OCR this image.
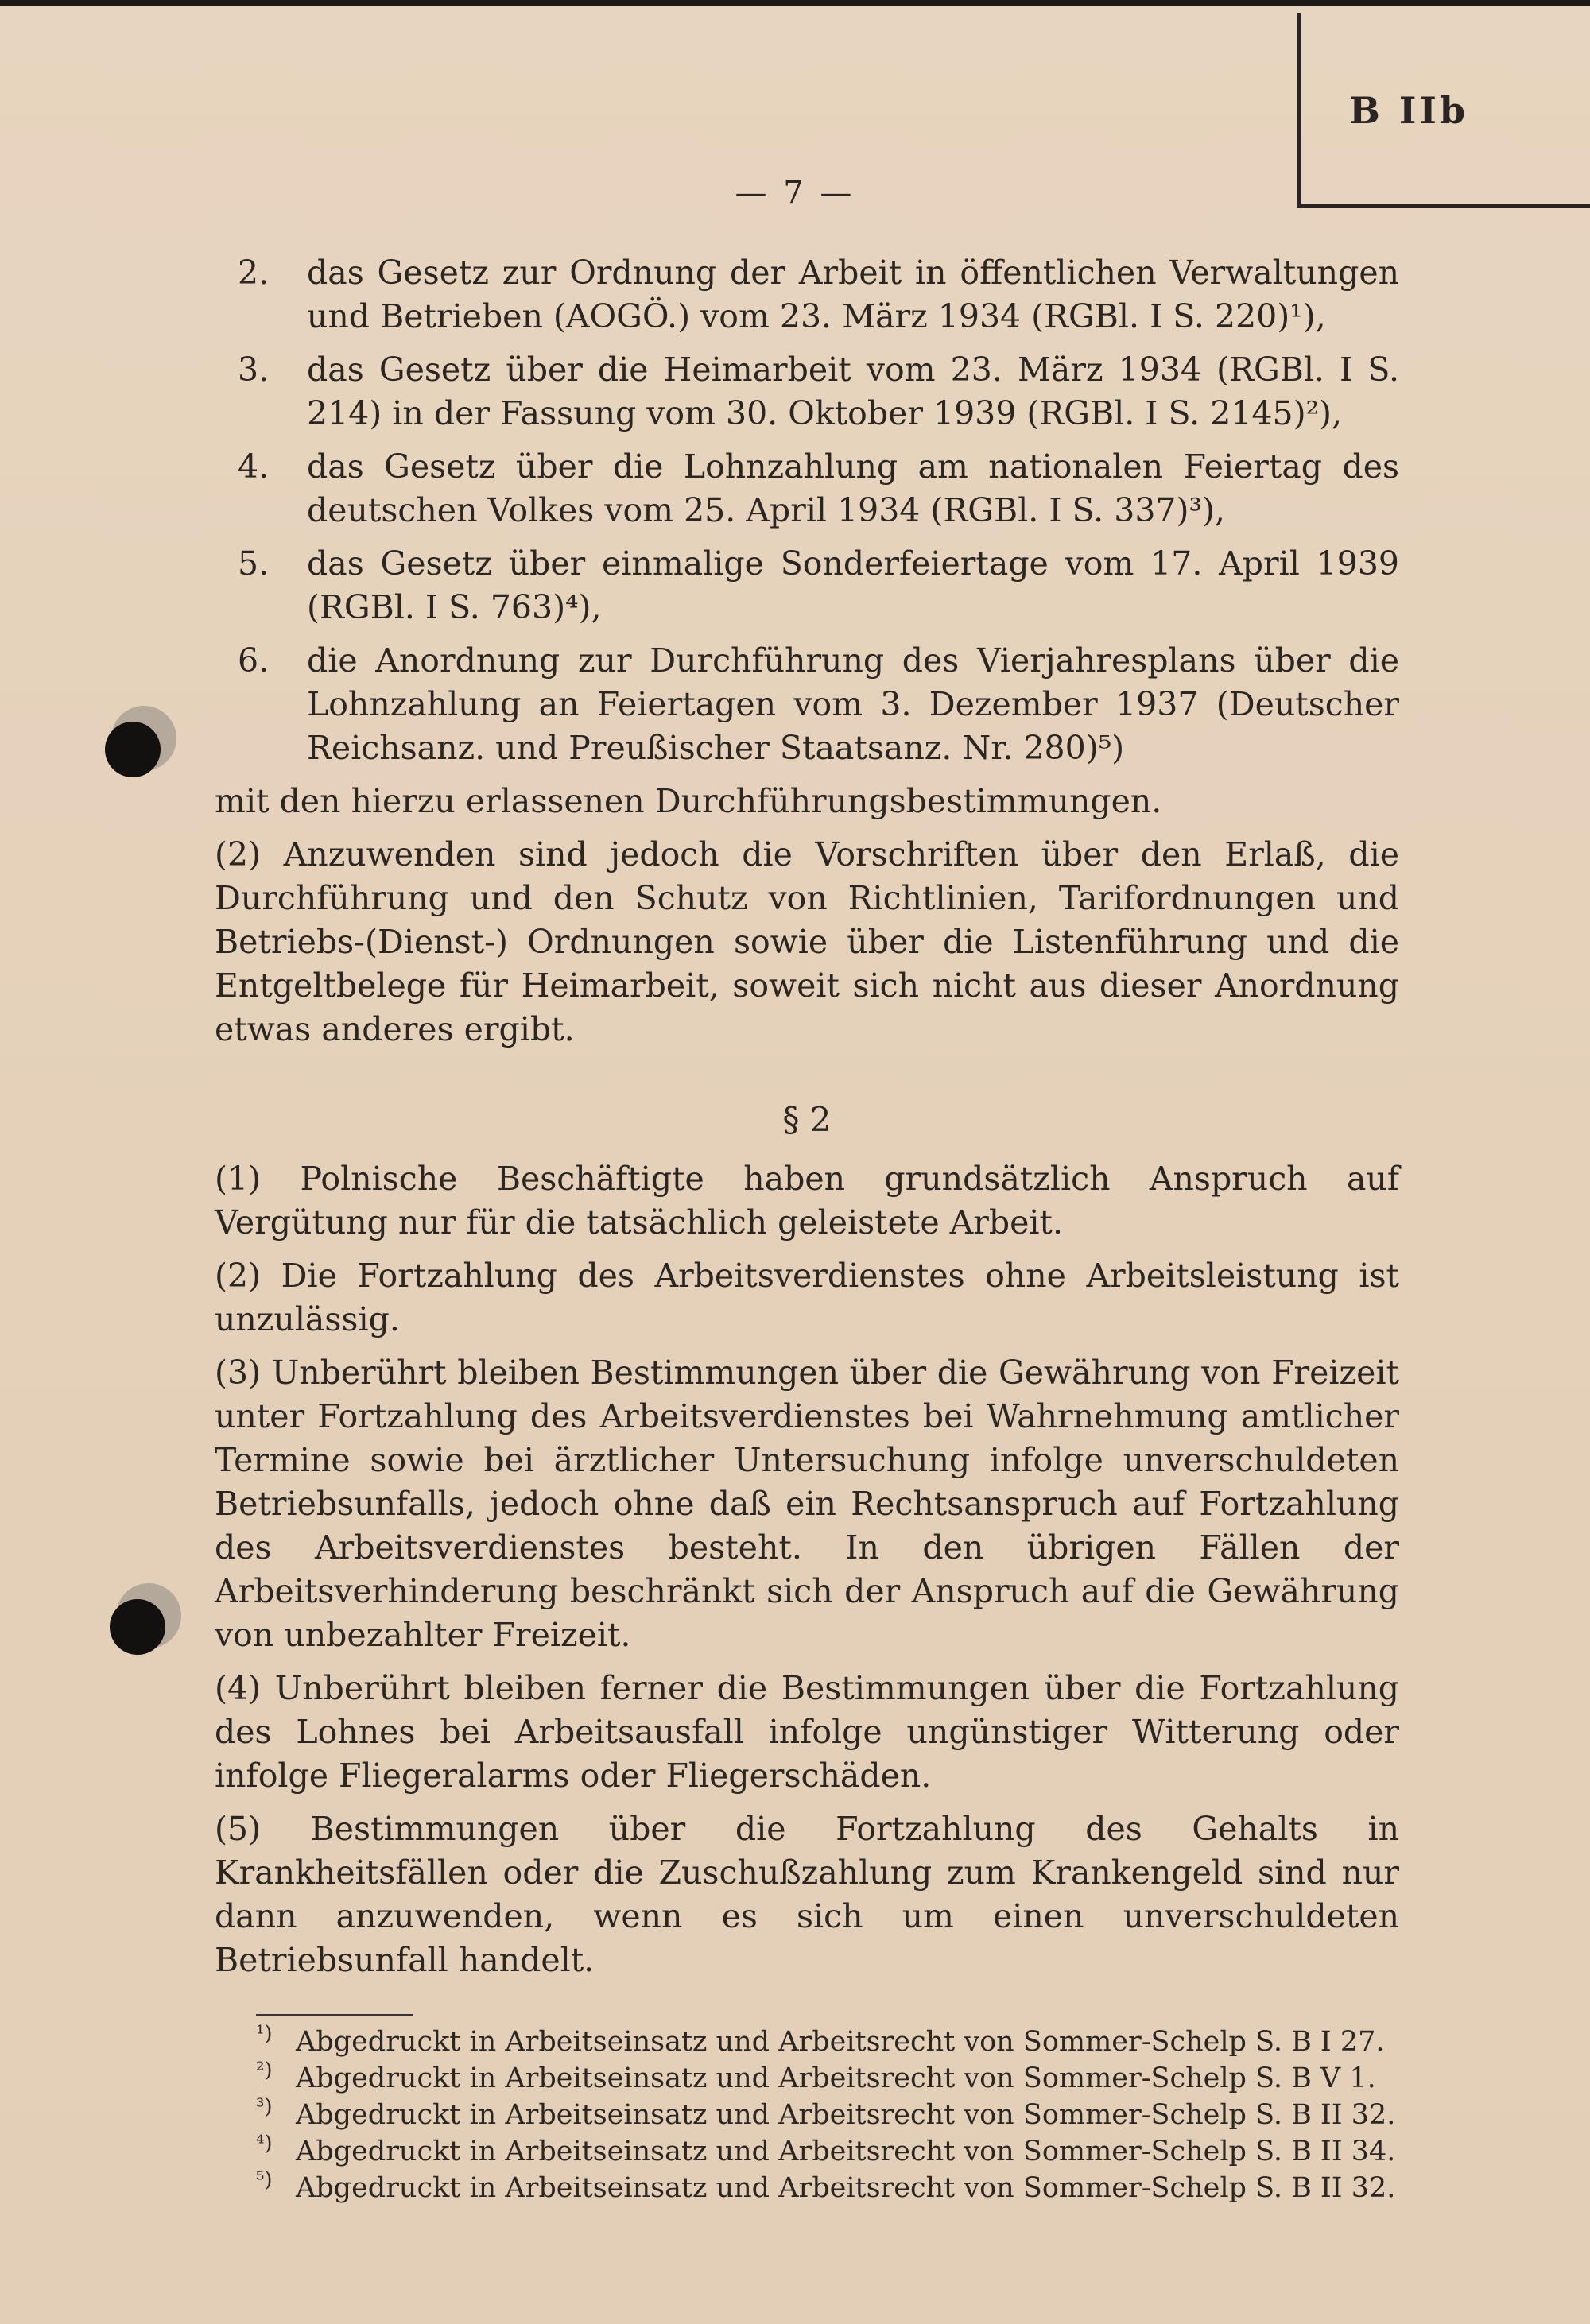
B IIb
— 7 —
2.	das Gesetz zur Ordnung der Arbeit in öffentlichen Verwaltungen und Betrieben (AOGÖ.) vom 23. März 1934 (RGBl. I S. 220)¹),
3.	das Gesetz über die Heimarbeit vom 23. März 1934 (RGBl. I S. 214) in der Fassung vom 30. Oktober 1939 (RGBl. I S. 2145)²),
4.	das Gesetz über die Lohnzahlung am nationalen Feiertag des deutschen Volkes vom 25. April 1934 (RGBl. I S. 337)³),
5.	das Gesetz über einmalige Sonderfeiertage vom 17. April 1939 (RGBl. I S. 763)⁴),
6.	die Anordnung zur Durchführung des Vierjahresplans über die Lohnzahlung an Feiertagen vom 3. Dezember 1937 (Deutscher Reichsanz. und Preußischer Staatsanz. Nr. 280)⁵)

mit den hierzu erlassenen Durchführungsbestimmungen.

(2) Anzuwenden sind jedoch die Vorschriften über den Erlaß, die Durchführung und den Schutz von Richtlinien, Tarifordnungen und Betriebs-(Dienst-) Ordnungen sowie über die Listenführung und die Entgeltbelege für Heimarbeit, soweit sich nicht aus dieser Anordnung etwas anderes ergibt.

§ 2

(1) Polnische Beschäftigte haben grundsätzlich Anspruch auf Vergütung nur für die tatsächlich geleistete Arbeit.

(2) Die Fortzahlung des Arbeitsverdienstes ohne Arbeitsleistung ist unzulässig.

(3) Unberührt bleiben Bestimmungen über die Gewährung von Freizeit unter Fortzahlung des Arbeitsverdienstes bei Wahrnehmung amtlicher Termine sowie bei ärztlicher Untersuchung infolge unverschuldeten Betriebsunfalls, jedoch ohne daß ein Rechtsanspruch auf Fortzahlung des Arbeitsverdienstes besteht. In den übrigen Fällen der Arbeitsverhinderung beschränkt sich der Anspruch auf die Gewährung von unbezahlter Freizeit.

(4) Unberührt bleiben ferner die Bestimmungen über die Fortzahlung des Lohnes bei Arbeitsausfall infolge ungünstiger Witterung oder infolge Fliegeralarms oder Fliegerschäden.

(5) Bestimmungen über die Fortzahlung des Gehalts in Krankheitsfällen oder die Zuschußzahlung zum Krankengeld sind nur dann anzuwenden, wenn es sich um einen unverschuldeten Betriebsunfall handelt.

¹) Abgedruckt in Arbeitseinsatz und Arbeitsrecht von Sommer-Schelp S. B I 27.
²) Abgedruckt in Arbeitseinsatz und Arbeitsrecht von Sommer-Schelp S. B V 1.
³) Abgedruckt in Arbeitseinsatz und Arbeitsrecht von Sommer-Schelp S. B II 32.
⁴) Abgedruckt in Arbeitseinsatz und Arbeitsrecht von Sommer-Schelp S. B II 34.
⁵) Abgedruckt in Arbeitseinsatz und Arbeitsrecht von Sommer-Schelp S. B II 32.
